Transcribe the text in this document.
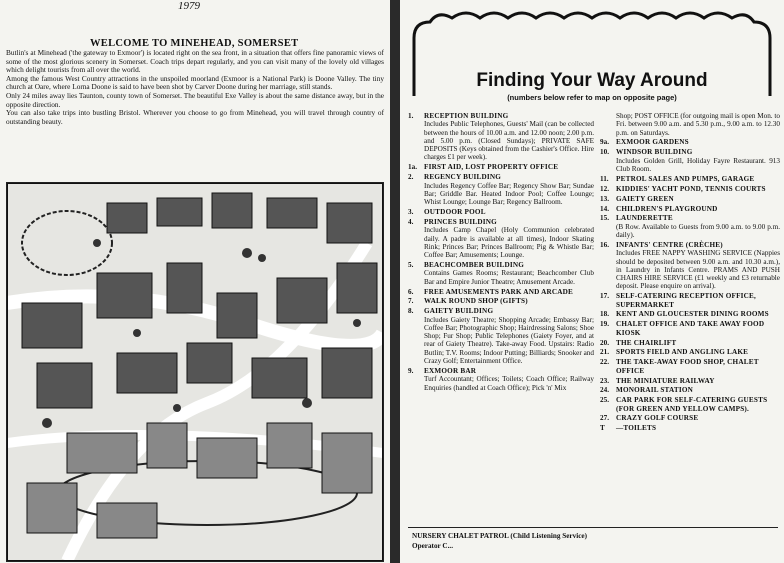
1979
WELCOME TO MINEHEAD, SOMERSET

Butlin's at Minehead ('the gateway to Exmoor') is located right on the sea front, in a situation that offers fine panoramic views of some of the most glorious scenery in Somerset. Coach trips depart regularly, and you can visit many of the lovely old villages which delight tourists from all over the world.

Among the famous West Country attractions in the unspoiled moorland (Exmoor is a National Park) is Doone Valley. The tiny church at Oare, where Lorna Doone is said to have been shot by Carver Doone during her marriage, still stands.

Only 24 miles away lies Taunton, county town of Somerset. The beautiful Exe Valley is about the same distance away, but in the opposite direction.

You can also take trips into bustling Bristol. Wherever you choose to go from Minehead, you will travel through country of outstanding beauty.

Finding Your Way Around
(numbers below refer to map on opposite page)
1.	RECEPTION BUILDING
Includes Public Telephones, Guests' Mail (can be collected between the hours of 10.00 a.m. and 12.00 noon; 2.00 p.m. and 5.00 p.m. (Closed Sundays); PRIVATE SAFE DEPOSITS (Keys obtained from the Cashier's Office. Hire charges £1 per week).
1a. FIRST AID, LOST PROPERTY OFFICE
2.	REGENCY BUILDING
Includes Regency Coffee Bar; Regency Show Bar; Sundae Bar; Griddle Bar. Heated Indoor Pool; Coffee Lounge; Whist Lounge; Lounge Bar; Regency Ballroom.
3.	OUTDOOR POOL
4.	PRINCES BUILDING
Includes Camp Chapel (Holy Communion celebrated daily. A padre is available at all times), Indoor Skating Rink; Princes Bar; Princes Ballroom; Pig & Whistle Bar; Coffee Bar; Amusements; Lounge.
5.	BEACHCOMBER BUILDING
Contains Games Rooms; Restaurant; Beachcomber Club Bar and Empire Junior Theatre; Amusement Arcade.
6.	FREE AMUSEMENTS PARK AND ARCADE
7.	WALK ROUND SHOP (GIFTS)
8.	GAIETY BUILDING
Includes Gaiety Theatre; Shopping Arcade; Embassy Bar; Coffee Bar; Photographic Shop; Hairdressing Salons; Shoe Shop; Fur Shop; Public Telephones (Gaiety Foyer, and at rear of Gaiety Theatre). Take-away Food. Upstairs: Radio Butlin; T.V. Rooms; Indoor Putting; Billiards; Snooker and Crazy Golf; Entertainment Office.
9.	EXMOOR BAR
Turf Accountant; Offices; Toilets; Coach Office; Railway Enquiries (handled at Coach Office); Pick 'n' Mix
Shop; POST OFFICE (for outgoing mail is open Mon. to Fri. between 9.00 a.m. and 5.30 p.m., 9.00 a.m. to 12.30 p.m. on Saturdays.
9a. EXMOOR GARDENS
10. WINDSOR BUILDING
Includes Golden Grill, Holiday Fayre Restaurant. 913 Club Room.
11.	PETROL SALES AND PUMPS, GARAGE
12. KIDDIES' YACHT POND, TENNIS COURTS
13. GAIETY GREEN
14. CHILDREN'S PLAYGROUND
15. LAUNDERETTE
(B Row. Available to Guests from 9.00 a.m. to 9.00 p.m. daily).
16. INFANTS' CENTRE (CRÈCHE)
Includes FREE NAPPY WASHING SERVICE (Nappies should be deposited between 9.00 a.m. and 10.30 a.m.), in Laundry in Infants Centre. PRAMS AND PUSH CHAIRS HIRE SERVICE (£1 weekly and £3 returnable deposit. Please enquire on arrival).
17. SELF-CATERING RECEPTION OFFICE, SUPERMARKET
18. KENT AND GLOUCESTER DINING ROOMS
19. CHALET OFFICE AND TAKE AWAY FOOD KIOSK
20. THE CHAIRLIFT
21. SPORTS FIELD AND ANGLING LAKE
22. THE TAKE-AWAY FOOD SHOP, CHALET OFFICE
23. THE MINIATURE RAILWAY
24. MONORAIL STATION
25. CAR PARK FOR SELF-CATERING GUESTS (FOR GREEN AND YELLOW CAMPS).
27. CRAZY GOLF COURSE
T	—TOILETS
NURSERY CHALET PATROL (Child Listening Service)
Operator C...
